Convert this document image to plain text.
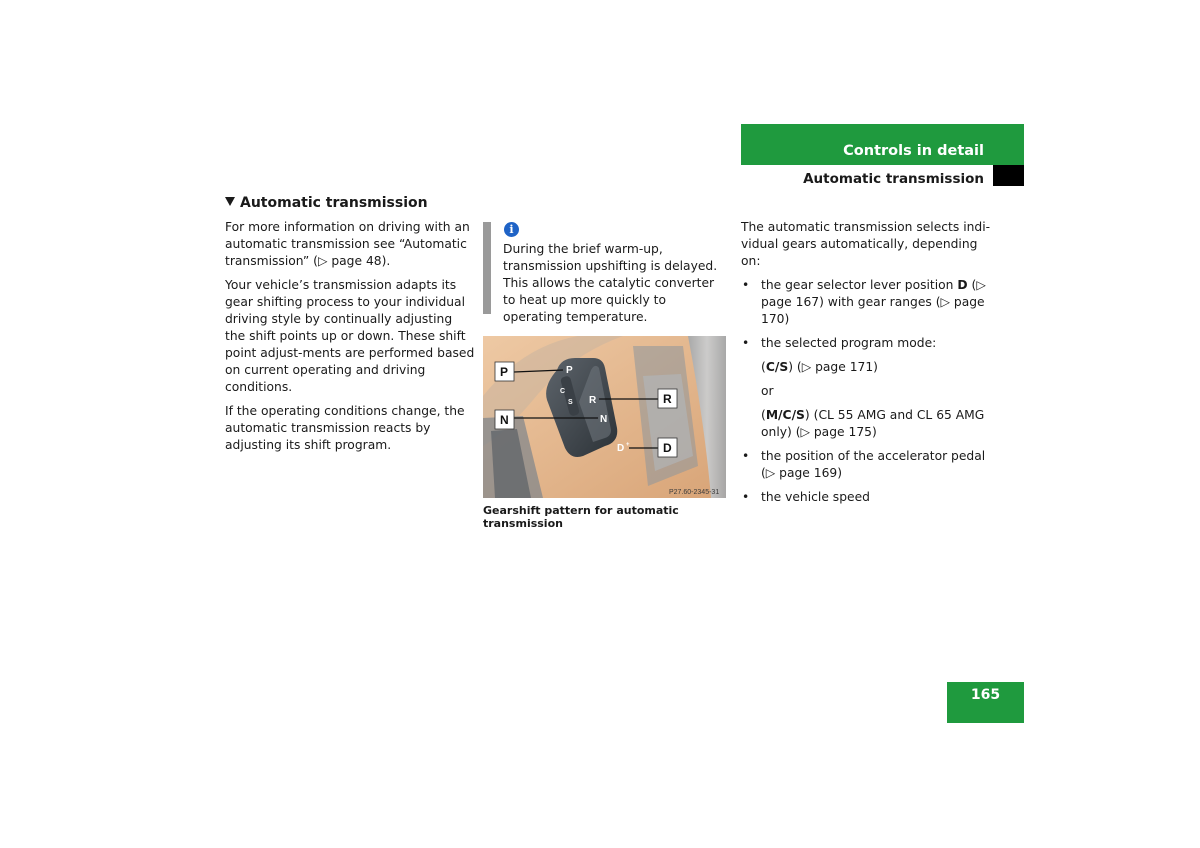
Controls in detail
Automatic transmission
Automatic transmission

For more information on driving with an automatic transmission see “Automatic transmission” (▷ page 48).

Your vehicle’s transmission adapts its gear shifting process to your individual driving style by continually adjusting the shift points up or down. These shift point adjust-ments are performed based on current operating and driving conditions.

If the operating conditions change, the automatic transmission reacts by adjusting its shift program.

i
During the brief warm-up, transmission upshifting is delayed. This allows the catalytic converter to heat up more quickly to operating temperature.
P
C
S R
N
D +
P
N
R
D
P27.60-2345-31
Gearshift pattern for automatic transmission

The automatic transmission selects indi-vidual gears automatically, depending on:

• the gear selector lever position D (▷ page 167) with gear ranges (▷ page 170)
• the selected program mode:
(C/S) (▷ page 171)
or
(M/C/S) (CL 55 AMG and CL 65 AMG only) (▷ page 175)
• the position of the accelerator pedal (▷ page 169)
• the vehicle speed
165
